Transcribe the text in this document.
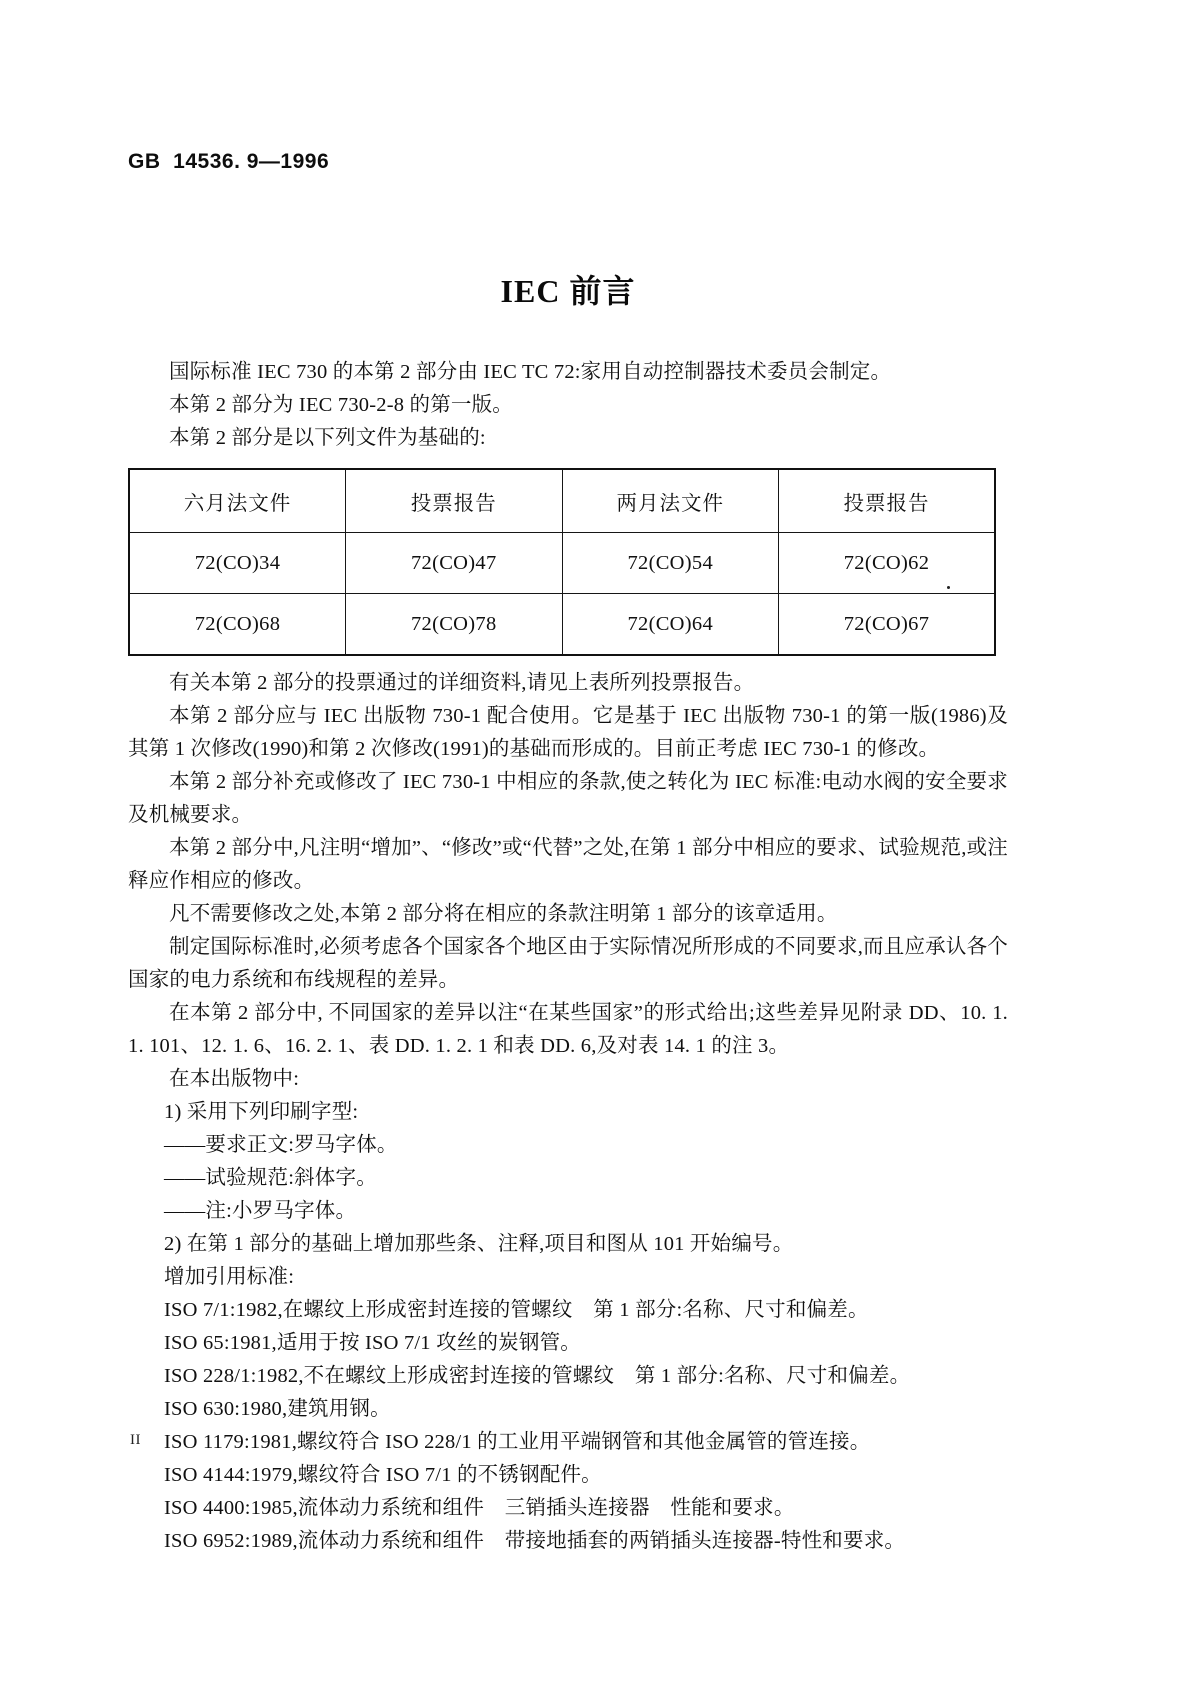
GB  14536. 9—1996
IEC 前言

国际标准 IEC 730 的本第 2 部分由 IEC TC 72:家用自动控制器技术委员会制定。

本第 2 部分为 IEC 730-2-8 的第一版。

本第 2 部分是以下列文件为基础的:

六月法文件	投票报告	两月法文件	投票报告
72(CO)34	72(CO)47	72(CO)54	72(CO)62
72(CO)68	72(CO)78	72(CO)64	72(CO)67

有关本第 2 部分的投票通过的详细资料,请见上表所列投票报告。

本第 2 部分应与 IEC 出版物 730-1 配合使用。它是基于 IEC 出版物 730-1 的第一版(1986)及其第 1 次修改(1990)和第 2 次修改(1991)的基础而形成的。目前正考虑 IEC 730-1 的修改。

本第 2 部分补充或修改了 IEC 730-1 中相应的条款,使之转化为 IEC 标准:电动水阀的安全要求及机械要求。

本第 2 部分中,凡注明“增加”、“修改”或“代替”之处,在第 1 部分中相应的要求、试验规范,或注释应作相应的修改。

凡不需要修改之处,本第 2 部分将在相应的条款注明第 1 部分的该章适用。

制定国际标准时,必须考虑各个国家各个地区由于实际情况所形成的不同要求,而且应承认各个国家的电力系统和布线规程的差异。

在本第 2 部分中, 不同国家的差异以注“在某些国家”的形式给出;这些差异见附录 DD、10. 1. 1. 101、12. 1. 6、16. 2. 1、表 DD. 1. 2. 1 和表 DD. 6,及对表 14. 1 的注 3。

在本出版物中:

1) 采用下列印刷字型:

——要求正文:罗马字体。

——试验规范:斜体字。

——注:小罗马字体。

2) 在第 1 部分的基础上增加那些条、注释,项目和图从 101 开始编号。

增加引用标准:

ISO 7/1:1982,在螺纹上形成密封连接的管螺纹　第 1 部分:名称、尺寸和偏差。

ISO 65:1981,适用于按 ISO 7/1 攻丝的炭钢管。

ISO 228/1:1982,不在螺纹上形成密封连接的管螺纹　第 1 部分:名称、尺寸和偏差。

ISO 630:1980,建筑用钢。

ISO 1179:1981,螺纹符合 ISO 228/1 的工业用平端钢管和其他金属管的管连接。

ISO 4144:1979,螺纹符合 ISO 7/1 的不锈钢配件。

ISO 4400:1985,流体动力系统和组件　三销插头连接器　性能和要求。

ISO 6952:1989,流体动力系统和组件　带接地插套的两销插头连接器-特性和要求。

II
